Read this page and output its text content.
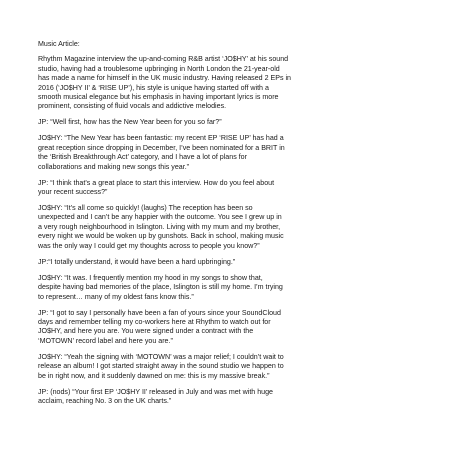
Music Article:

Rhythm Magazine interview the up-and-coming R&B artist ‘JO$HY’ at his sound
studio, having had a troublesome upbringing in North London the 21-year-old
has made a name for himself in the UK music industry. Having released 2 EPs in
2016 (‘JO$HY II’ & ‘RISE UP’), his style is unique having started off with a
smooth musical elegance but his emphasis in having important lyrics is more
prominent, consisting of fluid vocals and addictive melodies.

JP: “Well first, how has the New Year been for you so far?”

JO$HY: “The New Year has been fantastic: my recent EP ‘RISE UP’ has had a
great reception since dropping in December, I’ve been nominated for a BRIT in
the ‘British Breakthrough Act’ category, and I have a lot of plans for
collaborations and making new songs this year.”

JP: “I think that’s a great place to start this interview. How do you feel about
your recent success?”

JO$HY: “It’s all come so quickly! (laughs) The reception has been so
unexpected and I can’t be any happier with the outcome. You see I grew up in
a very rough neighbourhood in Islington. Living with my mum and my brother,
every night we would be woken up by gunshots. Back in school, making music
was the only way I could get my thoughts across to people you know?”

JP:“I totally understand, it would have been a hard upbringing.”

JO$HY: “It was. I frequently mention my hood in my songs to show that,
despite having bad memories of the place, Islington is still my home. I’m trying
to represent… many of my oldest fans know this.”

JP: “I got to say I personally have been a fan of yours since your SoundCloud
days and remember telling my co-workers here at Rhythm to watch out for
JO$HY, and here you are. You were signed under a contract with the
‘MOTOWN’ record label and here you are.”

JO$HY: “Yeah the signing with ‘MOTOWN’ was a major relief; I couldn’t wait to
release an album! I got started straight away in the sound studio we happen to
be in right now, and it suddenly dawned on me: this is my massive break.”

JP: (nods) “Your first EP ‘JO$HY II’ released in July and was met with huge
acclaim, reaching No. 3 on the UK charts.”
